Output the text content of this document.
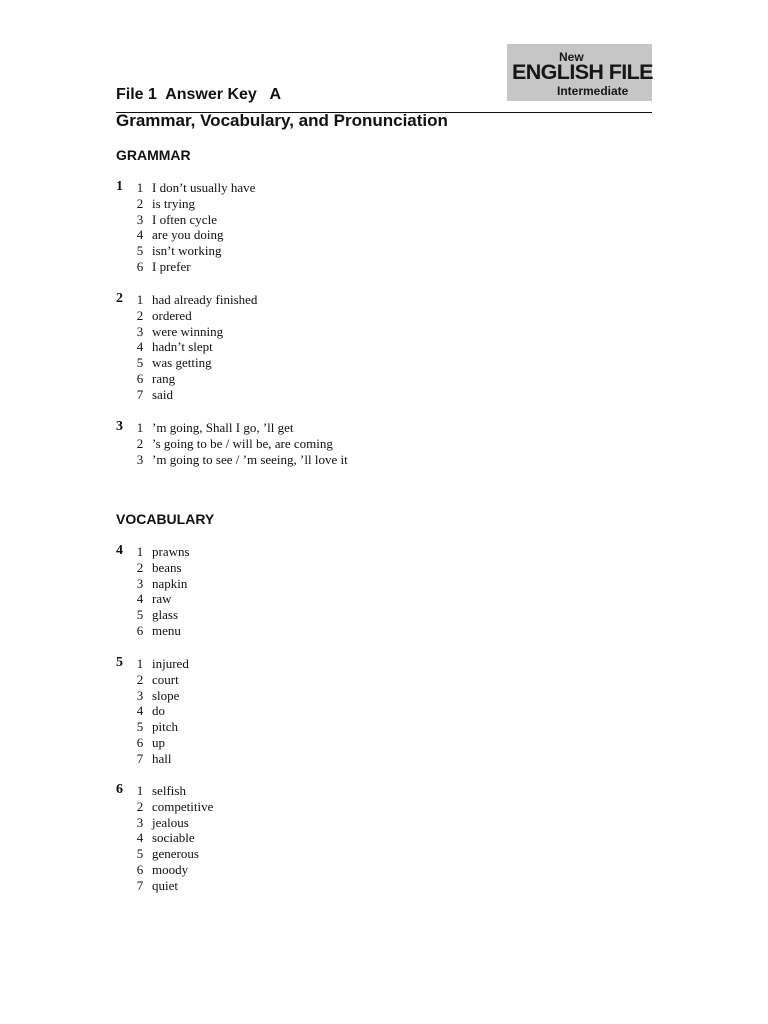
New
ENGLISH FILE
Intermediate
File 1  Answer Key   A
Grammar, Vocabulary, and Pronunciation
GRAMMAR
1 1 I don’t usually have
2 is trying
3 I often cycle
4 are you doing
5 isn’t working
6 I prefer
2 1 had already finished
2 ordered
3 were winning
4 hadn’t slept
5 was getting
6 rang
7 said
3 1 ’m going, Shall I go, ’ll get
2 ’s going to be / will be, are coming
3 ’m going to see / ’m seeing, ’ll love it
VOCABULARY
4 1 prawns
2 beans
3 napkin
4 raw
5 glass
6 menu
5 1 injured
2 court
3 slope
4 do
5 pitch
6 up
7 hall
6 1 selfish
2 competitive
3 jealous
4 sociable
5 generous
6 moody
7 quiet
